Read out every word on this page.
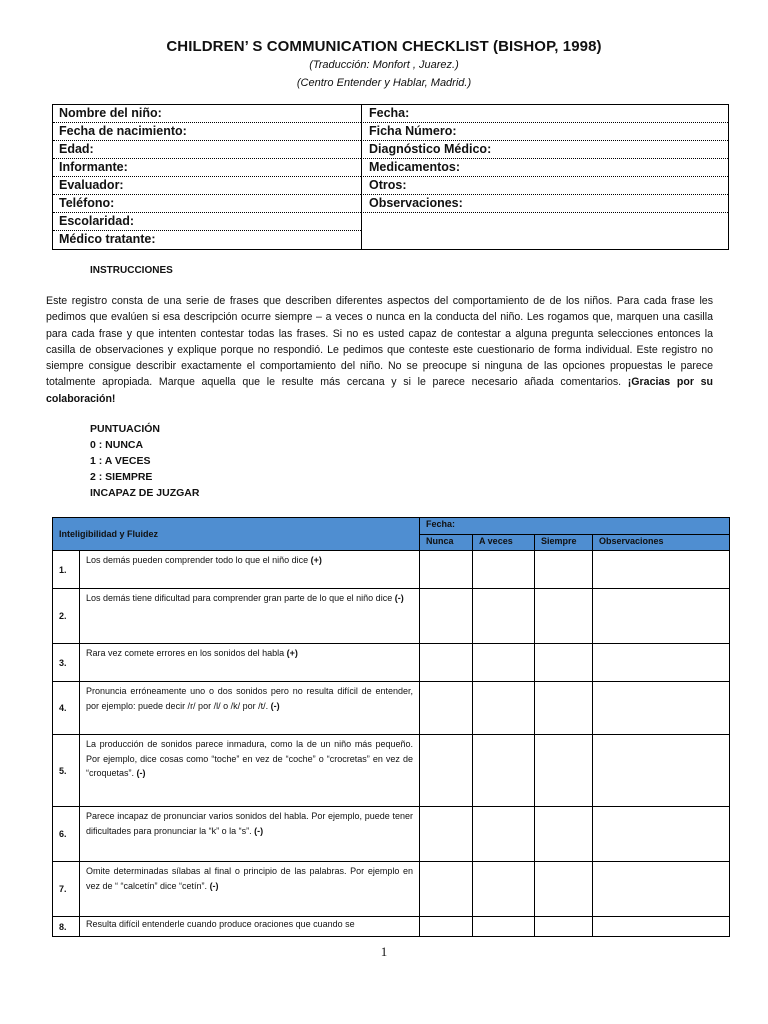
CHILDREN’ S COMMUNICATION CHECKLIST (BISHOP, 1998)
(Traducción: Monfort , Juarez.)
(Centro Entender y Hablar, Madrid.)
Nombre del niño:
Fecha de nacimiento:
Edad:
Informante:
Evaluador:
Teléfono:
Escolaridad:
Médico tratante:
Fecha:
Ficha Número:
Diagnóstico Médico:
Medicamentos:
Otros:
Observaciones:
INSTRUCCIONES
Este registro consta de una serie de frases que describen diferentes aspectos del comportamiento de de los niños. Para cada frase les pedimos que evalúen si esa descripción ocurre siempre – a veces o nunca en la conducta del niño. Les rogamos que, marquen una casilla para cada frase y que intenten contestar todas las frases. Si no es usted capaz de contestar a alguna pregunta selecciones entonces la casilla de observaciones y explique porque no respondió. Le pedimos que conteste este cuestionario de forma individual. Este registro no siempre consigue describir exactamente el comportamiento del niño. No se preocupe si ninguna de las opciones propuestas le parece totalmente apropiada. Marque aquella que le resulte más cercana y si le parece necesario añada comentarios. ¡Gracias por su colaboración!
PUNTUACIÓN
0 : NUNCA
1 : A VECES
2 : SIEMPRE
INCAPAZ DE JUZGAR
Inteligibilidad y Fluidez		Fecha:			
		Nunca	A veces	Siempre	Observaciones
1.	Los demás pueden comprender todo lo que el niño dice (+)				
2.	Los demás tiene dificultad para comprender gran parte de lo que el niño dice (-)				
3.	Rara vez comete errores en los sonidos del habla (+)				
4.	Pronuncia erróneamente uno o dos sonidos pero no resulta difícil de entender, por ejemplo: puede decir /r/ por /l/ o /k/ por /t/. (-)				
5.	La producción de sonidos parece inmadura, como la de un niño más pequeño. Por ejemplo, dice cosas como “toche” en vez de “coche” o “crocretas” en vez de “croquetas”. (-)				
6.	Parece incapaz de pronunciar varios sonidos del habla. Por ejemplo, puede tener dificultades para pronunciar la “k” o la “s”. (-)				
7.	Omite determinadas sílabas al final o principio de las palabras. Por ejemplo en vez de “ “calcetín” dice “cetín”. (-)				
8.	Resulta difícil entenderle cuando produce oraciones que cuando se				
1
